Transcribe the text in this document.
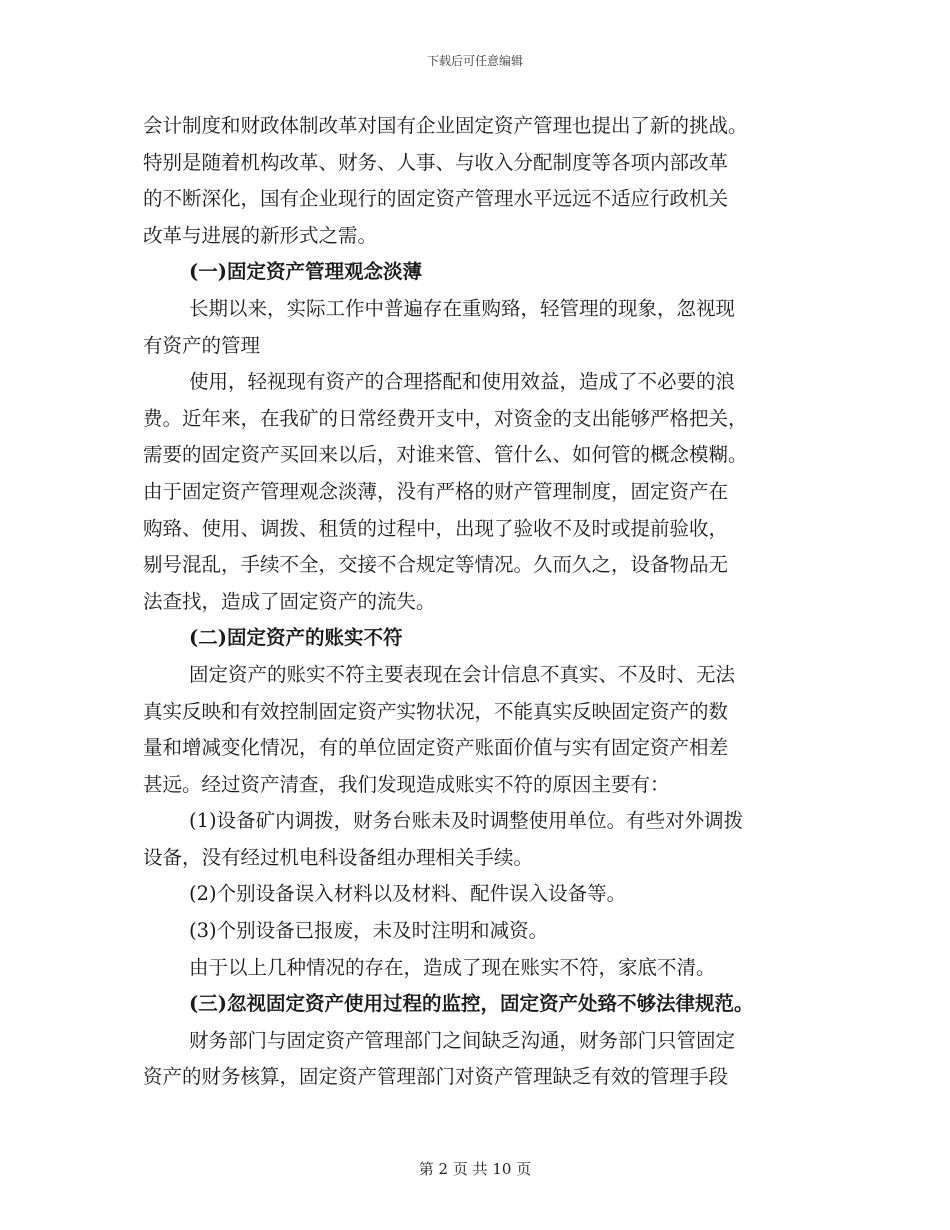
下载后可任意编辑
会计制度和财政体制改革对国有企业固定资产管理也提出了新的挑战。
特别是随着机构改革、财务、人事、与收入分配制度等各项内部改革
的不断深化，国有企业现行的固定资产管理水平远远不适应行政机关
改革与进展的新形式之需。
(一)固定资产管理观念淡薄
长期以来，实际工作中普遍存在重购臵，轻管理的现象，忽视现
有资产的管理
使用，轻视现有资产的合理搭配和使用效益，造成了不必要的浪
费。近年来，在我矿的日常经费开支中，对资金的支出能够严格把关，
需要的固定资产买回来以后，对谁来管、管什么、如何管的概念模糊。
由于固定资产管理观念淡薄，没有严格的财产管理制度，固定资产在
购臵、使用、调拨、租赁的过程中，出现了验收不及时或提前验收，
剔号混乱，手续不全，交接不合规定等情况。久而久之，设备物品无
法查找，造成了固定资产的流失。
(二)固定资产的账实不符
固定资产的账实不符主要表现在会计信息不真实、不及时、无法
真实反映和有效控制固定资产实物状况，不能真实反映固定资产的数
量和增减变化情况，有的单位固定资产账面价值与实有固定资产相差
甚远。经过资产清查，我们发现造成账实不符的原因主要有：
(1)设备矿内调拨，财务台账未及时调整使用单位。有些对外调拨
设备，没有经过机电科设备组办理相关手续。
(2)个别设备误入材料以及材料、配件误入设备等。
(3)个别设备已报废，未及时注明和减资。
由于以上几种情况的存在，造成了现在账实不符，家底不清。
(三)忽视固定资产使用过程的监控，固定资产处臵不够法律规范。
财务部门与固定资产管理部门之间缺乏沟通，财务部门只管固定
资产的财务核算，固定资产管理部门对资产管理缺乏有效的管理手段
第 2 页 共 10 页
